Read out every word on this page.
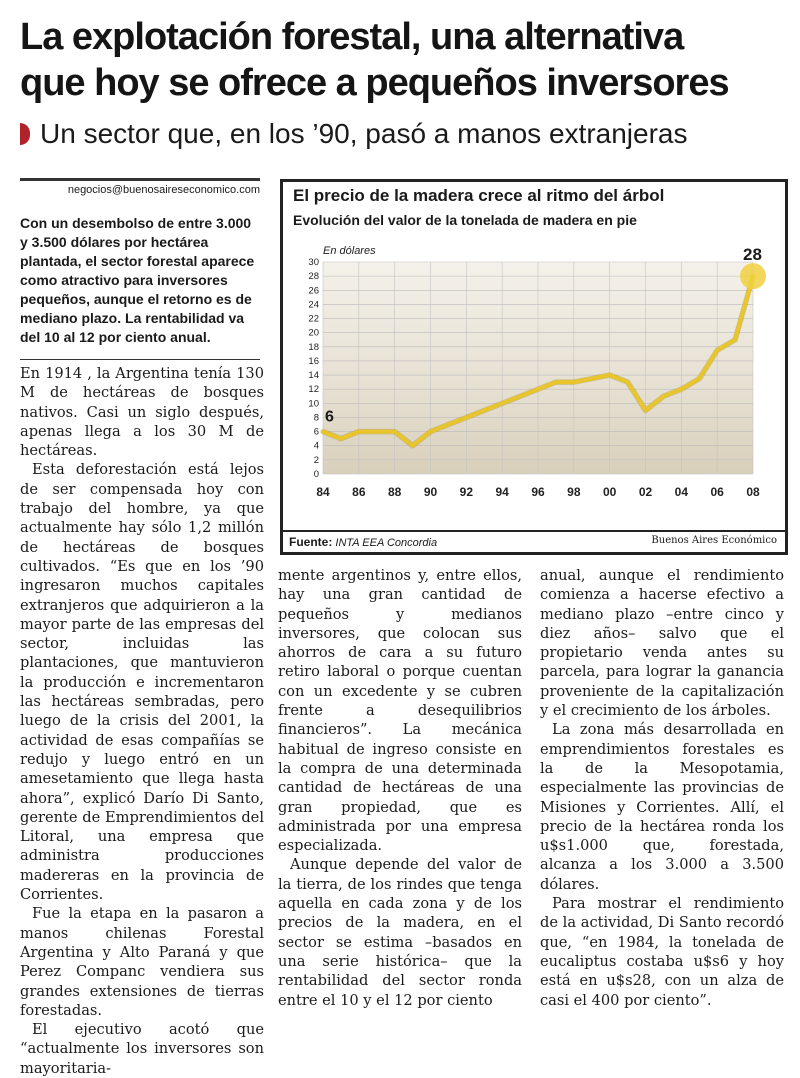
La explotación forestal, una alternativa
que hoy se ofrece a pequeños inversores
Un sector que, en los ’90, pasó a manos extranjeras
negocios@buenosaireseconomico.com

Con un desembolso de entre 3.000 y 3.500 dólares por hectárea plantada, el sector forestal aparece como atractivo para inversores pequeños, aunque el retorno es de mediano plazo. La rentabilidad va del 10 al 12 por ciento anual.

En 1914 , la Argentina tenía 130 M de hectáreas de bosques nativos. Casi un siglo después, apenas llega a los 30 M de hectáreas.

Esta deforestación está lejos de ser compensada hoy con trabajo del hombre, ya que actualmente hay sólo 1,2 millón de hectáreas de bosques cultivados. “Es que en los ’90 ingresaron muchos capitales extranjeros que adquirieron a la mayor parte de las empresas del sector, incluidas las plantaciones, que mantuvieron la producción e incrementaron las hectáreas sembradas, pero luego de la crisis del 2001, la actividad de esas compañías se redujo y luego entró en un amesetamiento que llega hasta ahora”, explicó Darío Di Santo, gerente de Emprendimientos del Litoral, una empresa que administra producciones madereras en la provincia de Corrientes.

Fue la etapa en la pasaron a manos chilenas Forestal Argentina y Alto Paraná y que Perez Companc vendiera sus grandes extensiones de tierras forestadas.

El ejecutivo acotó que “actualmente los inversores son mayoritaria-

mente argentinos y, entre ellos, hay una gran cantidad de pequeños y medianos inversores, que colocan sus ahorros de cara a su futuro retiro laboral o porque cuentan con un excedente y se cubren frente a desequilibrios financieros”. La mecánica habitual de ingreso consiste en la compra de una determinada cantidad de hectáreas de una gran propiedad, que es administrada por una empresa especializada.

Aunque depende del valor de la tierra, de los rindes que tenga aquella en cada zona y de los precios de la madera, en el sector se estima –basados en una serie histórica– que la rentabilidad del sector ronda entre el 10 y el 12 por ciento

anual, aunque el rendimiento comienza a hacerse efectivo a mediano plazo –entre cinco y diez años– salvo que el propietario venda antes su parcela, para lograr la ganancia proveniente de la capitalización y el crecimiento de los árboles.

La zona más desarrollada en emprendimientos forestales es la de la Mesopotamia, especialmente las provincias de Misiones y Corrientes. Allí, el precio de la hectárea ronda los u$s1.000 que, forestada, alcanza a los 3.000 a 3.500 dólares.

Para mostrar el rendimiento de la actividad, Di Santo recordó que, “en 1984, la tonelada de eucaliptus costaba u$s6 y hoy está en u$s28, con un alza de casi el 400 por ciento”.

0
2
4
6
8
10
12
14
16
18
20
22
24
26
28
30
84 86 88 90 92 94 96 98 00 02 04 06 08
En dólares
6
28
El precio de la madera crece al ritmo del árbol
Evolución del valor de la tonelada de madera en pie
Fuente: INTA EEA Concordia	Buenos Aires Económico
